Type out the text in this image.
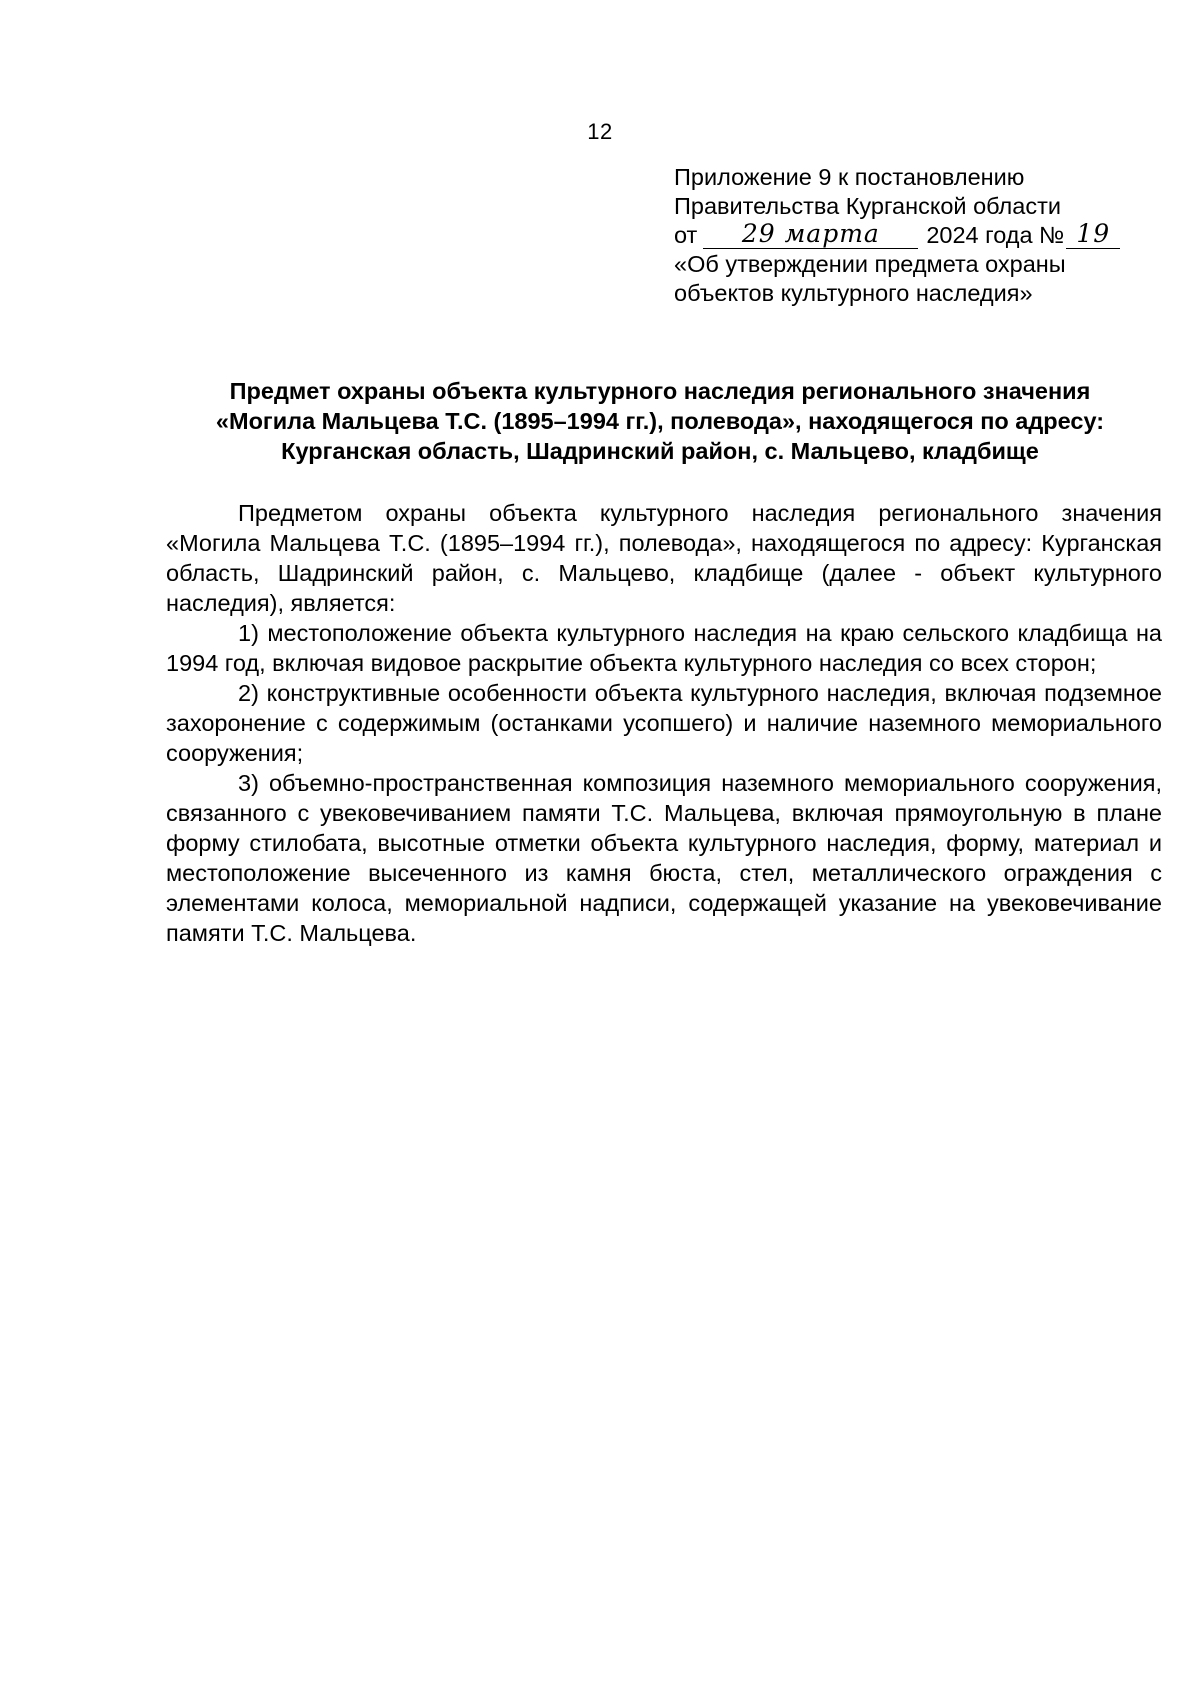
12
Приложение 9 к постановлению
Правительства Курганской области
от 29 марта 2024 года № 19
«Об утверждении предмета охраны
объектов культурного наследия»
Предмет охраны объекта культурного наследия регионального значения
«Могила Мальцева Т.С. (1895–1994 гг.), полевода», находящегося по адресу:
Курганская область, Шадринский район, с. Мальцево, кладбище

Предметом охраны объекта культурного наследия регионального значения «Могила Мальцева Т.С. (1895–1994 гг.), полевода», находящегося по адресу: Курганская область, Шадринский район, с. Мальцево, кладбище (далее - объект культурного наследия), является:

1) местоположение объекта культурного наследия на краю сельского кладбища на 1994 год, включая видовое раскрытие объекта культурного наследия со всех сторон;

2) конструктивные особенности объекта культурного наследия, включая подземное захоронение с содержимым (останками усопшего) и наличие наземного мемориального сооружения;

3) объемно-пространственная композиция наземного мемориального сооружения, связанного с увековечиванием памяти Т.С. Мальцева, включая прямоугольную в плане форму стилобата, высотные отметки объекта культурного наследия, форму, материал и местоположение высеченного из камня бюста, стел, металлического ограждения с элементами колоса, мемориальной надписи, содержащей указание на увековечивание памяти Т.С. Мальцева.
